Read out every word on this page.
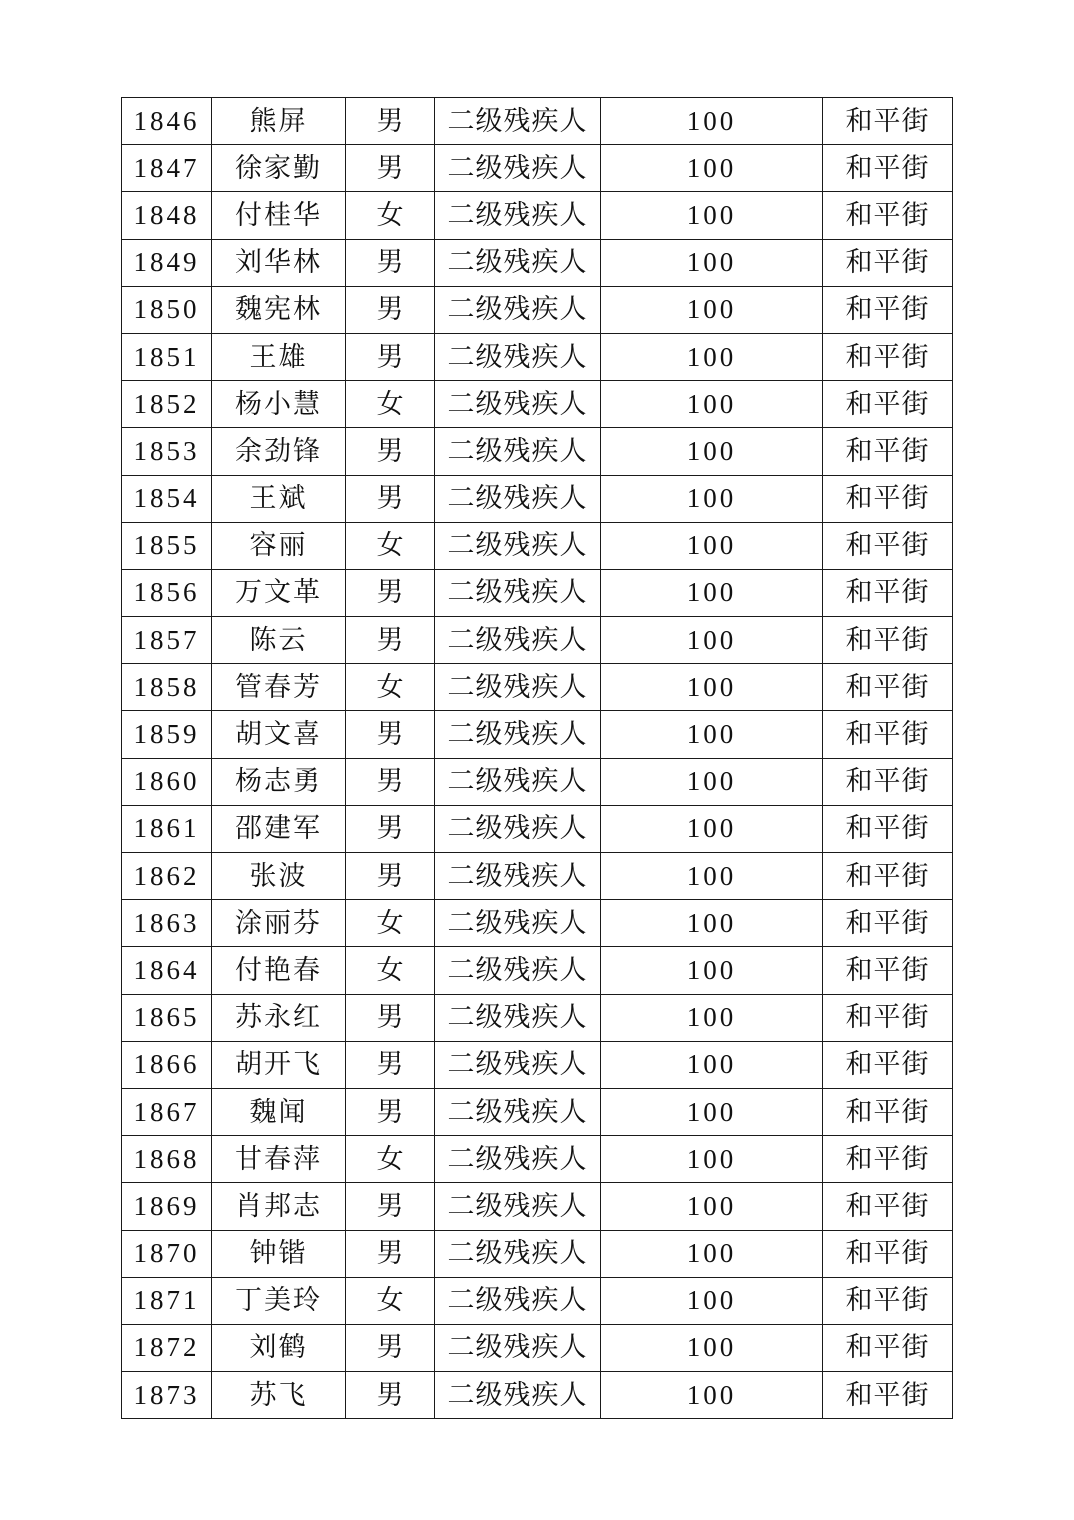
1846	熊屏	男	二级残疾人	100	和平街
1847	徐家勤	男	二级残疾人	100	和平街
1848	付桂华	女	二级残疾人	100	和平街
1849	刘华林	男	二级残疾人	100	和平街
1850	魏宪林	男	二级残疾人	100	和平街
1851	王雄	男	二级残疾人	100	和平街
1852	杨小慧	女	二级残疾人	100	和平街
1853	余劲锋	男	二级残疾人	100	和平街
1854	王斌	男	二级残疾人	100	和平街
1855	容丽	女	二级残疾人	100	和平街
1856	万文革	男	二级残疾人	100	和平街
1857	陈云	男	二级残疾人	100	和平街
1858	管春芳	女	二级残疾人	100	和平街
1859	胡文喜	男	二级残疾人	100	和平街
1860	杨志勇	男	二级残疾人	100	和平街
1861	邵建军	男	二级残疾人	100	和平街
1862	张波	男	二级残疾人	100	和平街
1863	涂丽芬	女	二级残疾人	100	和平街
1864	付艳春	女	二级残疾人	100	和平街
1865	苏永红	男	二级残疾人	100	和平街
1866	胡开飞	男	二级残疾人	100	和平街
1867	魏闻	男	二级残疾人	100	和平街
1868	甘春萍	女	二级残疾人	100	和平街
1869	肖邦志	男	二级残疾人	100	和平街
1870	钟锴	男	二级残疾人	100	和平街
1871	丁美玲	女	二级残疾人	100	和平街
1872	刘鹤	男	二级残疾人	100	和平街
1873	苏飞	男	二级残疾人	100	和平街
